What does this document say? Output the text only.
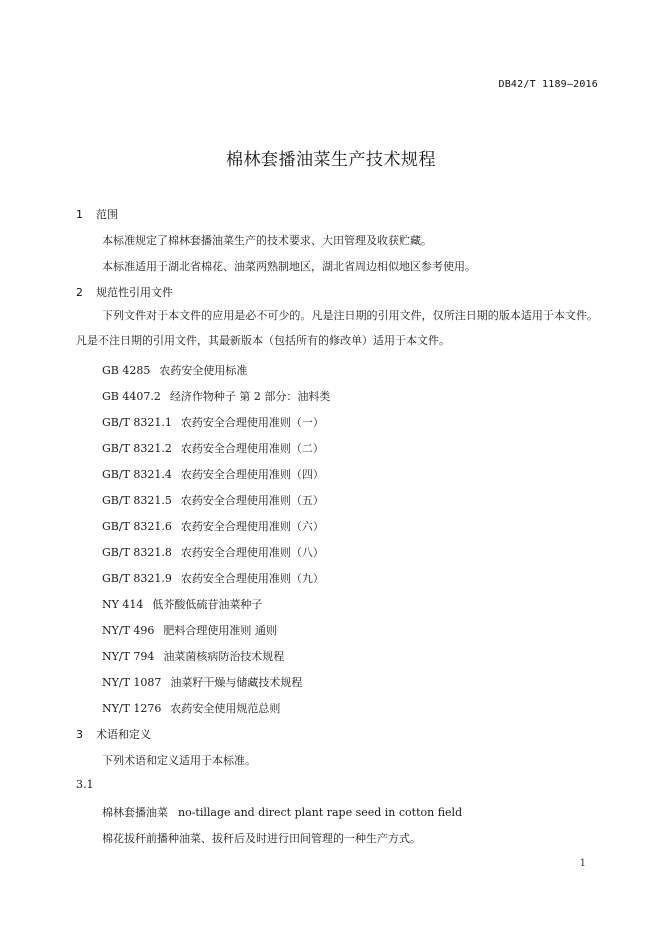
DB42/T 1189—2016
棉林套播油菜生产技术规程
1 范围
本标准规定了棉林套播油菜生产的技术要求、大田管理及收获贮藏。
本标准适用于湖北省棉花、油菜两熟制地区，湖北省周边相似地区参考使用。
2 规范性引用文件
下列文件对于本文件的应用是必不可少的。凡是注日期的引用文件，仅所注日期的版本适用于本文件。凡是不注日期的引用文件，其最新版本（包括所有的修改单）适用于本文件。
GB 4285 农药安全使用标准
GB 4407.2 经济作物种子 第 2 部分：油料类
GB/T 8321.1 农药安全合理使用准则（一）
GB/T 8321.2 农药安全合理使用准则（二）
GB/T 8321.4 农药安全合理使用准则（四）
GB/T 8321.5 农药安全合理使用准则（五）
GB/T 8321.6 农药安全合理使用准则（六）
GB/T 8321.8 农药安全合理使用准则（八）
GB/T 8321.9 农药安全合理使用准则（九）
NY 414 低芥酸低硫苷油菜种子
NY/T 496 肥料合理使用准则 通则
NY/T 794 油菜菌核病防治技术规程
NY/T 1087 油菜籽干燥与储藏技术规程
NY/T 1276 农药安全使用规范总则
3 术语和定义
下列术语和定义适用于本标准。
3.1
棉林套播油菜 no-tillage and direct plant rape seed in cotton field
棉花拔秆前播种油菜、拔秆后及时进行田间管理的一种生产方式。
1
